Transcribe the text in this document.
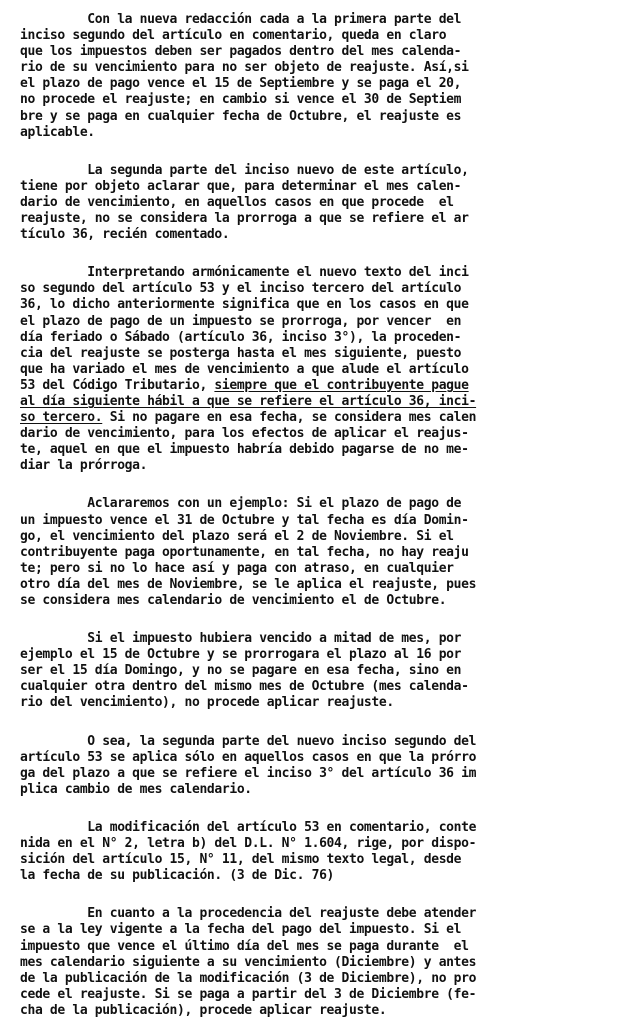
Con la nueva redacción cada a la primera parte del
inciso segundo del artículo en comentario, queda en claro
que los impuestos deben ser pagados dentro del mes calenda-
rio de su vencimiento para no ser objeto de reajuste. Así,si
el plazo de pago vence el 15 de Septiembre y se paga el 20,
no procede el reajuste; en cambio si vence el 30 de Septiem
bre y se paga en cualquier fecha de Octubre, el reajuste es
aplicable.
La segunda parte del inciso nuevo de este artículo,
tiene por objeto aclarar que, para determinar el mes calen-
dario de vencimiento, en aquellos casos en que procede  el
reajuste, no se considera la prorroga a que se refiere el ar
tículo 36, recién comentado.
Interpretando armónicamente el nuevo texto del inci
so segundo del artículo 53 y el inciso tercero del artículo
36, lo dicho anteriormente significa que en los casos en que
el plazo de pago de un impuesto se prorroga, por vencer  en
día feriado o Sábado (artículo 36, inciso 3°), la proceden-
cia del reajuste se posterga hasta el mes siguiente, puesto
que ha variado el mes de vencimiento a que alude el artículo
53 del Código Tributario, siempre que el contribuyente pague
al día siguiente hábil a que se refiere el artículo 36, inci-
so tercero. Si no pagare en esa fecha, se considera mes calen
dario de vencimiento, para los efectos de aplicar el reajus-
te, aquel en que el impuesto habría debido pagarse de no me-
diar la prórroga.
Aclararemos con un ejemplo: Si el plazo de pago de
un impuesto vence el 31 de Octubre y tal fecha es día Domin-
go, el vencimiento del plazo será el 2 de Noviembre. Si el
contribuyente paga oportunamente, en tal fecha, no hay reaju
te; pero si no lo hace así y paga con atraso, en cualquier
otro día del mes de Noviembre, se le aplica el reajuste, pues
se considera mes calendario de vencimiento el de Octubre.
Si el impuesto hubiera vencido a mitad de mes, por
ejemplo el 15 de Octubre y se prorrogara el plazo al 16 por
ser el 15 día Domingo, y no se pagare en esa fecha, sino en
cualquier otra dentro del mismo mes de Octubre (mes calenda-
rio del vencimiento), no procede aplicar reajuste.
O sea, la segunda parte del nuevo inciso segundo del
artículo 53 se aplica sólo en aquellos casos en que la prórro
ga del plazo a que se refiere el inciso 3° del artículo 36 im
plica cambio de mes calendario.
La modificación del artículo 53 en comentario, conte
nida en el N° 2, letra b) del D.L. N° 1.604, rige, por dispo-
sición del artículo 15, N° 11, del mismo texto legal, desde
la fecha de su publicación. (3 de Dic. 76)
En cuanto a la procedencia del reajuste debe atender
se a la ley vigente a la fecha del pago del impuesto. Si el
impuesto que vence el último día del mes se paga durante  el
mes calendario siguiente a su vencimiento (Diciembre) y antes
de la publicación de la modificación (3 de Diciembre), no pro
cede el reajuste. Si se paga a partir del 3 de Diciembre (fe-
cha de la publicación), procede aplicar reajuste.
